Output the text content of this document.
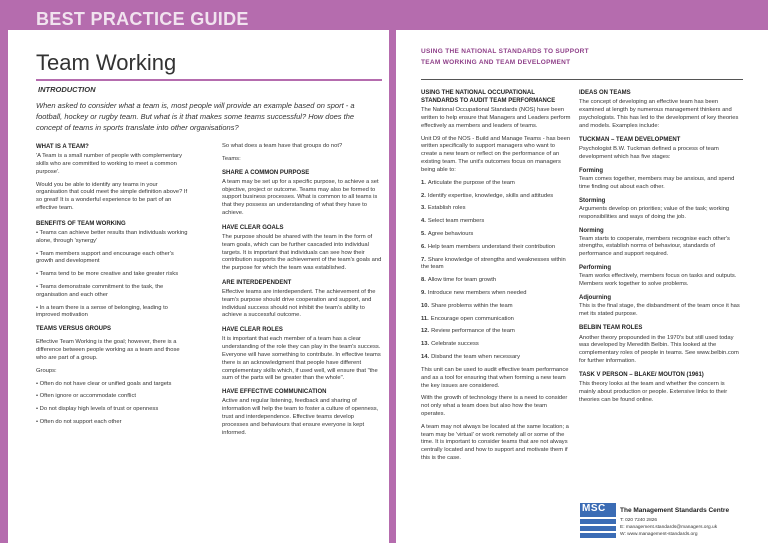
BEST PRACTICE GUIDE
Team Working
INTRODUCTION
When asked to consider what a team is, most people will provide an example based on sport - a football, hockey or rugby team. But what is it that makes some teams successful? How does the concept of teams in sports translate into other organisations?
WHAT IS A TEAM?

'A Team is a small number of people with complementary skills who are committed to working to meet a common purpose'.

Would you be able to identify any teams in your organisation that could meet the simple definition above? If so great! It is a wonderful experience to be part of an effective team.

BENEFITS OF TEAM WORKING
• Teams can achieve better results than individuals working alone, through 'synergy'
• Team members support and encourage each other's growth and development
• Teams tend to be more creative and take greater risks
• Teams demonstrate commitment to the task, the organisation and each other
• In a team there is a sense of belonging, leading to improved motivation
TEAMS VERSUS GROUPS

Effective Team Working is the goal; however, there is a difference between people working as a team and those who are part of a group.

Groups:

• Often do not have clear or unified goals and targets
• Often ignore or accommodate conflict
• Do not display high levels of trust or openness
• Often do not support each other

So what does a team have that groups do not?

Teams:

SHARE A COMMON PURPOSE

A team may be set up for a specific purpose, to achieve a set objective, project or outcome. Teams may also be formed to support business processes. What is common to all teams is that they possess an understanding of what they have to achieve.

HAVE CLEAR GOALS

The purpose should be shared with the team in the form of team goals, which can be further cascaded into individual targets. It is important that individuals can see how their contribution supports the achievement of the team's goals and the purpose for which the team was established.

ARE INTERDEPENDENT

Effective teams are interdependent. The achievement of the team's purpose should drive cooperation and support, and individual success should not inhibit the team's ability to achieve a successful outcome.

HAVE CLEAR ROLES

It is important that each member of a team has a clear understanding of the role they can play in the team's success. Everyone will have something to contribute. In effective teams there is an acknowledgment that people have different complementary skills which, if used well, will ensure that "the sum of the parts will be greater than the whole".

HAVE EFFECTIVE COMMUNICATION

Active and regular listening, feedback and sharing of information will help the team to foster a culture of openness, trust and interdependence. Effective teams develop processes and behaviours that ensure everyone is kept informed.

USING THE NATIONAL STANDARDS TO SUPPORT
TEAM WORKING AND TEAM DEVELOPMENT
USING THE NATIONAL OCCUPATIONAL STANDARDS TO AUDIT TEAM PERFORMANCE

The National Occupational Standards (NOS) have been written to help ensure that Managers and Leaders perform effectively as members and leaders of teams.

Unit D9 of the NOS - Build and Manage Teams - has been written specifically to support managers who want to create a new team or reflect on the performance of an existing team. The unit's outcomes focus on managers being able to:

1. Articulate the purpose of the team
2. Identify expertise, knowledge, skills and attitudes
3. Establish roles
4. Select team members
5. Agree behaviours
6. Help team members understand their contribution
7. Share knowledge of strengths and weaknesses within the team
8. Allow time for team growth
9. Introduce new members when needed
10. Share problems within the team
11. Encourage open communication
12. Review performance of the team
13. Celebrate success
14. Disband the team when necessary

This unit can be used to audit effective team performance and as a tool for ensuring that when forming a new team the key issues are considered.

With the growth of technology there is a need to consider not only what a team does but also how the team operates.

A team may not always be located at the same location; a team may be 'virtual' or work remotely all or some of the time. It is important to consider teams that are not always centrally located and how to support and motivate them if this is the case.

IDEAS ON TEAMS

The concept of developing an effective team has been examined at length by numerous management thinkers and psychologists. This has led to the development of key theories and models. Examples include:

TUCKMAN – TEAM DEVELOPMENT

Psychologist B.W. Tuckman defined a process of team development which has five stages:

Forming

Team comes together, members may be anxious, and spend time finding out about each other.

Storming

Arguments develop on priorities; value of the task; working responsibilities and ways of doing the job.

Norming

Team starts to cooperate, members recognise each other's strengths, establish norms of behaviour, standards of performance and support required.

Performing

Team works effectively, members focus on tasks and outputs. Members work together to solve problems.

Adjourning

This is the final stage, the disbandment of the team once it has met its stated purpose.

BELBIN TEAM ROLES

Another theory propounded in the 1970's but still used today was developed by Meredith Belbin. This looked at the complementary roles of people in teams. See www.belbin.com for further information.

TASK V PERSON – BLAKE/ MOUTON (1961)

This theory looks at the team and whether the concern is mainly about production or people. Extensive links to their theories can be found online.

MSC The Management Standards Centre
T: 020 7240 2826
E: management.standards@managers.org.uk
W: www.management-standards.org
